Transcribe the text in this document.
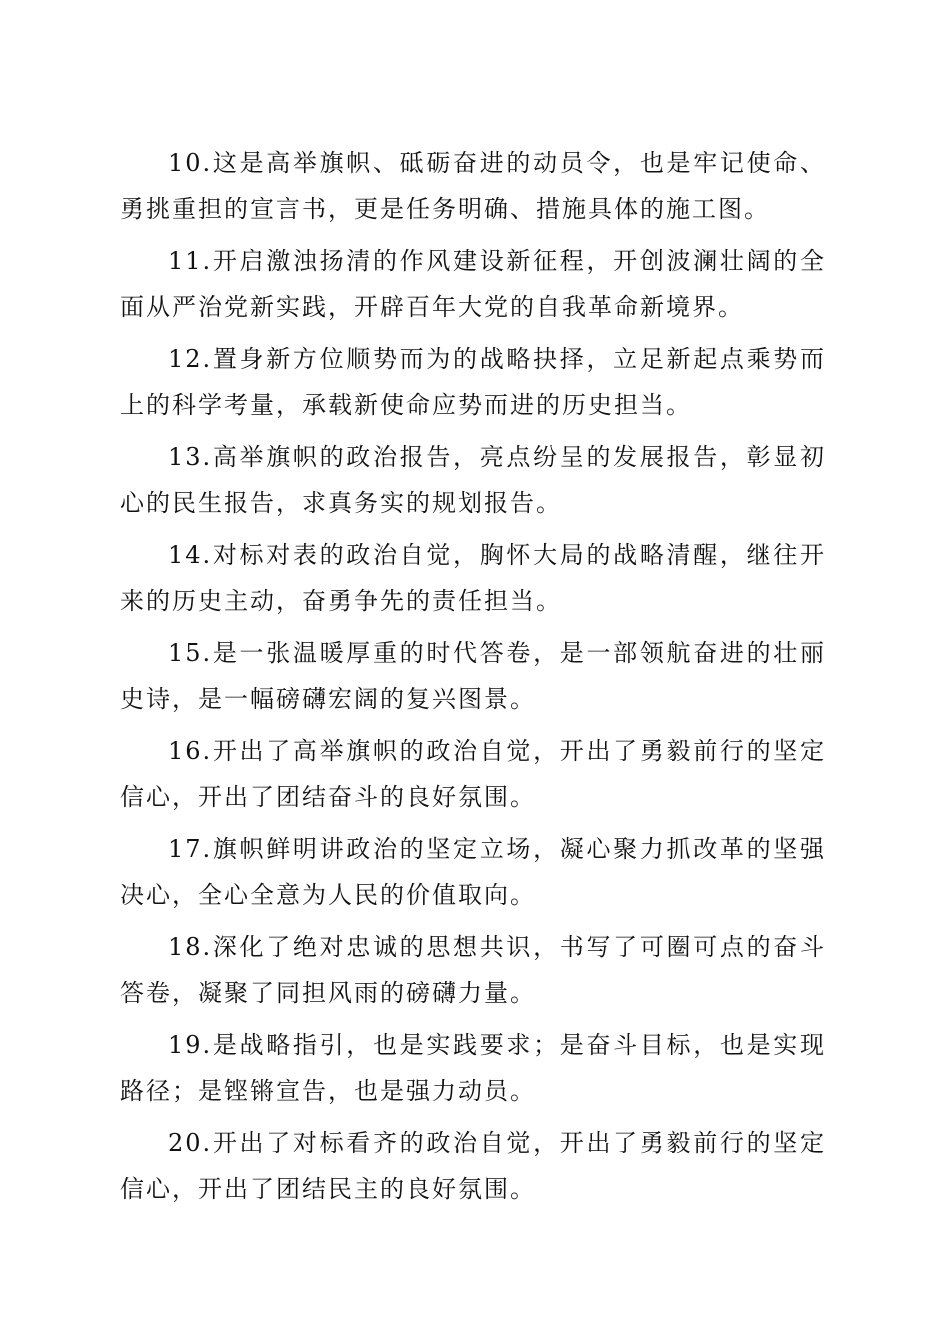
10.这是高举旗帜、砥砺奋进的动员令，也是牢记使命、勇挑重担的宣言书，更是任务明确、措施具体的施工图。

11.开启激浊扬清的作风建设新征程，开创波澜壮阔的全面从严治党新实践，开辟百年大党的自我革命新境界。

12.置身新方位顺势而为的战略抉择，立足新起点乘势而上的科学考量，承载新使命应势而进的历史担当。

13.高举旗帜的政治报告，亮点纷呈的发展报告，彰显初心的民生报告，求真务实的规划报告。

14.对标对表的政治自觉，胸怀大局的战略清醒，继往开来的历史主动，奋勇争先的责任担当。

15.是一张温暖厚重的时代答卷，是一部领航奋进的壮丽史诗，是一幅磅礴宏阔的复兴图景。

16.开出了高举旗帜的政治自觉，开出了勇毅前行的坚定信心，开出了团结奋斗的良好氛围。

17.旗帜鲜明讲政治的坚定立场，凝心聚力抓改革的坚强决心，全心全意为人民的价值取向。

18.深化了绝对忠诚的思想共识，书写了可圈可点的奋斗答卷，凝聚了同担风雨的磅礴力量。

19.是战略指引，也是实践要求；是奋斗目标，也是实现路径；是铿锵宣告，也是强力动员。

20.开出了对标看齐的政治自觉，开出了勇毅前行的坚定信心，开出了团结民主的良好氛围。
